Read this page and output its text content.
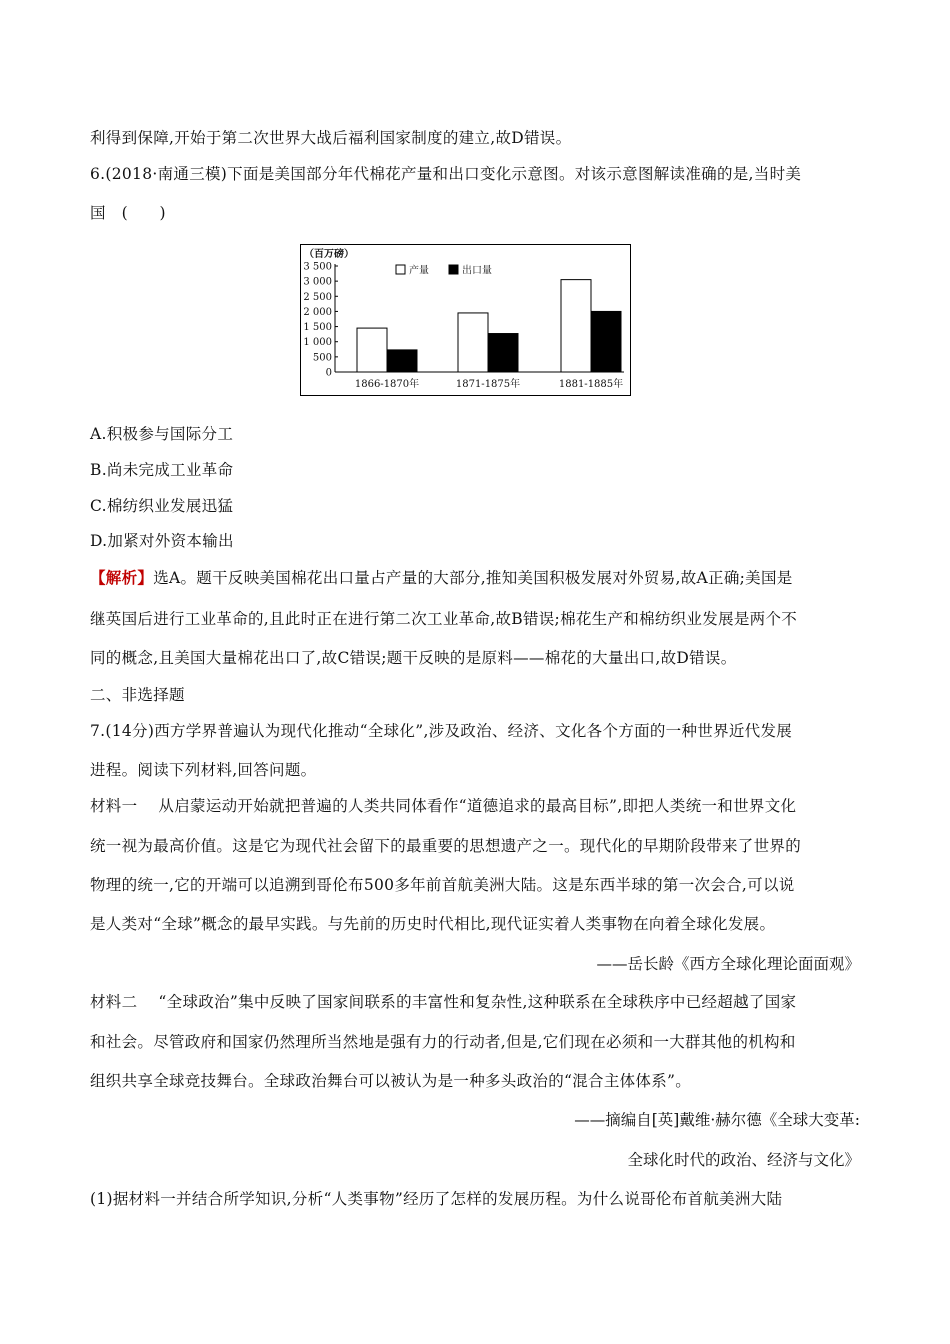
利得到保障,开始于第二次世界大战后福利国家制度的建立,故D错误。
6.(2018·南通三模)下面是美国部分年代棉花产量和出口变化示意图。对该示意图解读准确的是,当时美
国　(　　)
（百万磅）
0
500
1 000
1 500
2 000
2 500
3 000
3 500
1866-1870年	1871-1875年	1881-1885年
产量	出口量
A.积极参与国际分工
B.尚未完成工业革命
C.棉纺织业发展迅猛
D.加紧对外资本输出
【解析】选A。题干反映美国棉花出口量占产量的大部分,推知美国积极发展对外贸易,故A正确;美国是
继英国后进行工业革命的,且此时正在进行第二次工业革命,故B错误;棉花生产和棉纺织业发展是两个不
同的概念,且美国大量棉花出口了,故C错误;题干反映的是原料——棉花的大量出口,故D错误。
二、非选择题
7.(14分)西方学界普遍认为现代化推动“全球化”,涉及政治、经济、文化各个方面的一种世界近代发展
进程。阅读下列材料,回答问题。
材料一　 从启蒙运动开始就把普遍的人类共同体看作“道德追求的最高目标”,即把人类统一和世界文化
统一视为最高价值。这是它为现代社会留下的最重要的思想遗产之一。现代化的早期阶段带来了世界的
物理的统一,它的开端可以追溯到哥伦布500多年前首航美洲大陆。这是东西半球的第一次会合,可以说
是人类对“全球”概念的最早实践。与先前的历史时代相比,现代证实着人类事物在向着全球化发展。
——岳长龄《西方全球化理论面面观》
材料二　 “全球政治”集中反映了国家间联系的丰富性和复杂性,这种联系在全球秩序中已经超越了国家
和社会。尽管政府和国家仍然理所当然地是强有力的行动者,但是,它们现在必须和一大群其他的机构和
组织共享全球竞技舞台。全球政治舞台可以被认为是一种多头政治的“混合主体体系”。
——摘编自[英]戴维·赫尔德《全球大变革:
全球化时代的政治、经济与文化》
(1)据材料一并结合所学知识,分析“人类事物”经历了怎样的发展历程。为什么说哥伦布首航美洲大陆
